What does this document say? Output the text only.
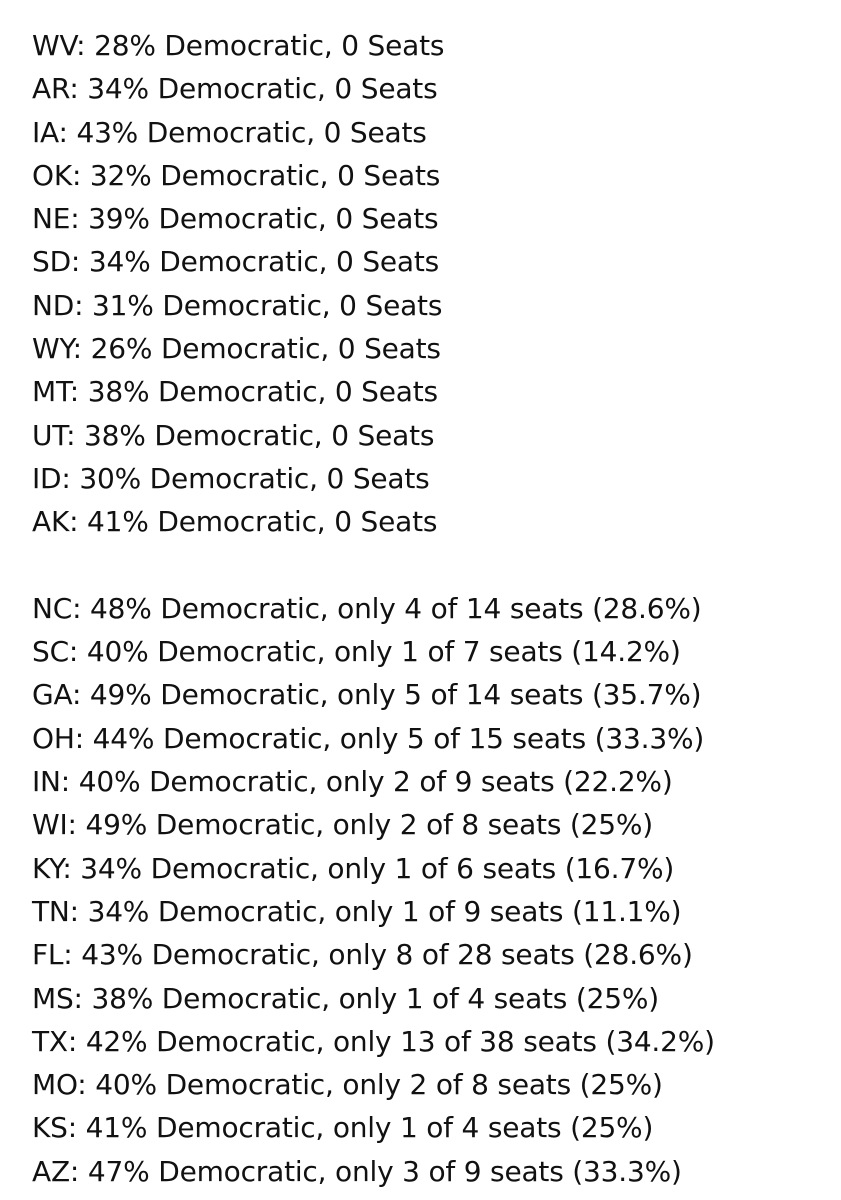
WV: 28% Democratic, 0 Seats
AR: 34% Democratic, 0 Seats
IA: 43% Democratic, 0 Seats
OK: 32% Democratic, 0 Seats
NE: 39% Democratic, 0 Seats
SD: 34% Democratic, 0 Seats
ND: 31% Democratic, 0 Seats
WY: 26% Democratic, 0 Seats
MT: 38% Democratic, 0 Seats
UT: 38% Democratic, 0 Seats
ID: 30% Democratic, 0 Seats
AK: 41% Democratic, 0 Seats
NC: 48% Democratic, only 4 of 14 seats (28.6%)
SC: 40% Democratic, only 1 of 7 seats (14.2%)
GA: 49% Democratic, only 5 of 14 seats (35.7%)
OH: 44% Democratic, only 5 of 15 seats (33.3%)
IN: 40% Democratic, only 2 of 9 seats (22.2%)
WI: 49% Democratic, only 2 of 8 seats (25%)
KY: 34% Democratic, only 1 of 6 seats (16.7%)
TN: 34% Democratic, only 1 of 9 seats (11.1%)
FL: 43% Democratic, only 8 of 28 seats (28.6%)
MS: 38% Democratic, only 1 of 4 seats (25%)
TX: 42% Democratic, only 13 of 38 seats (34.2%)
MO: 40% Democratic, only 2 of 8 seats (25%)
KS: 41% Democratic, only 1 of 4 seats (25%)
AZ: 47% Democratic, only 3 of 9 seats (33.3%)
